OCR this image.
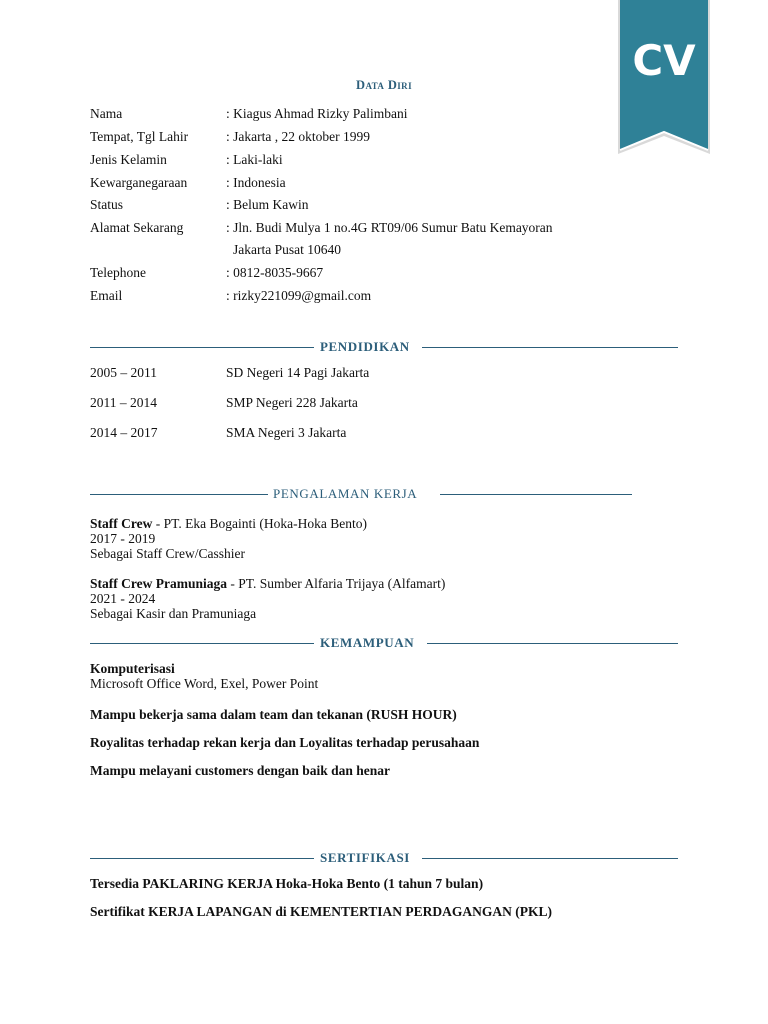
CV
Data Diri
Nama	: Kiagus Ahmad Rizky Palimbani
Tempat, Tgl Lahir	: Jakarta , 22 oktober 1999
Jenis Kelamin	: Laki-laki
Kewarganegaraan	: Indonesia
Status	: Belum Kawin
Alamat Sekarang	: Jln. Budi Mulya 1 no.4G RT09/06 Sumur Batu Kemayoran
Jakarta Pusat 10640
Telephone	: 0812-8035-9667
Email	: rizky221099@gmail.com
PENDIDIKAN
2005 – 2011	SD Negeri 14 Pagi Jakarta
2011 – 2014	SMP Negeri 228 Jakarta
2014 – 2017	SMA Negeri 3 Jakarta
PENGALAMAN KERJA
Staff Crew - PT. Eka Bogainti (Hoka-Hoka Bento)
2017 - 2019
Sebagai Staff Crew/Casshier
Staff Crew Pramuniaga - PT. Sumber Alfaria Trijaya (Alfamart)
2021 - 2024
Sebagai Kasir dan Pramuniaga
KEMAMPUAN
Komputerisasi
Microsoft Office Word, Exel, Power Point
Mampu bekerja sama dalam team dan tekanan (RUSH HOUR)
Royalitas terhadap rekan kerja dan Loyalitas terhadap perusahaan
Mampu melayani customers dengan baik dan henar
SERTIFIKASI
Tersedia PAKLARING KERJA Hoka-Hoka Bento (1 tahun 7 bulan)
Sertifikat KERJA LAPANGAN di KEMENTERTIAN PERDAGANGAN (PKL)
